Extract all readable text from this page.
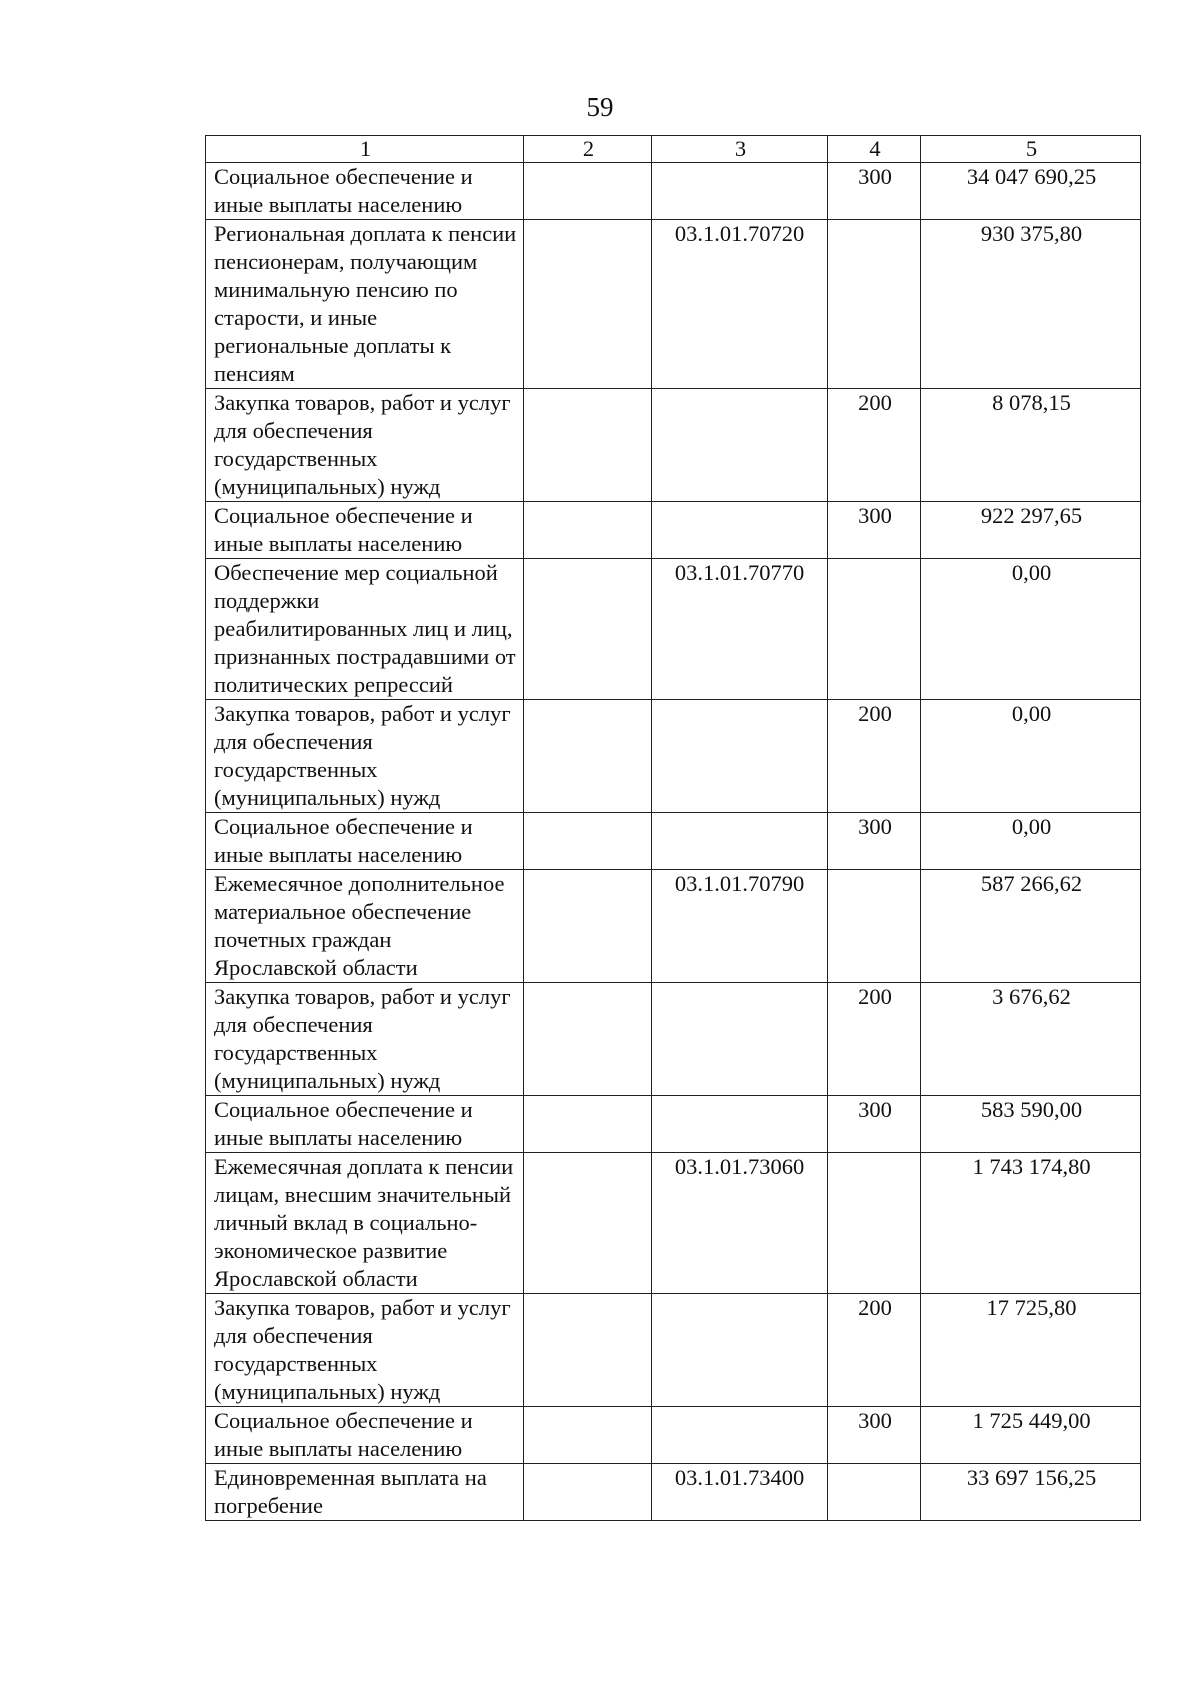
59
1	2	3	4	5
Социальное обеспечение и иные выплаты населению			300	34 047 690,25
Региональная доплата к пенсии пенсионерам, получающим минимальную пенсию по старости, и иные региональные доплаты к пенсиям		03.1.01.70720		930 375,80
Закупка товаров, работ и услуг для обеспечения государственных (муниципальных) нужд			200	8 078,15
Социальное обеспечение и иные выплаты населению			300	922 297,65
Обеспечение мер социальной поддержки реабилитированных лиц и лиц, признанных пострадавшими от политических репрессий		03.1.01.70770		0,00
Закупка товаров, работ и услуг для обеспечения государственных (муниципальных) нужд			200	0,00
Социальное обеспечение и иные выплаты населению			300	0,00
Ежемесячное дополнительное материальное обеспечение почетных граждан Ярославской области		03.1.01.70790		587 266,62
Закупка товаров, работ и услуг для обеспечения государственных (муниципальных) нужд			200	3 676,62
Социальное обеспечение и иные выплаты населению			300	583 590,00
Ежемесячная доплата к пенсии лицам, внесшим значительный личный вклад в социально-экономическое развитие Ярославской области		03.1.01.73060		1 743 174,80
Закупка товаров, работ и услуг для обеспечения государственных (муниципальных) нужд			200	17 725,80
Социальное обеспечение и иные выплаты населению			300	1 725 449,00
Единовременная выплата на погребение		03.1.01.73400		33 697 156,25
